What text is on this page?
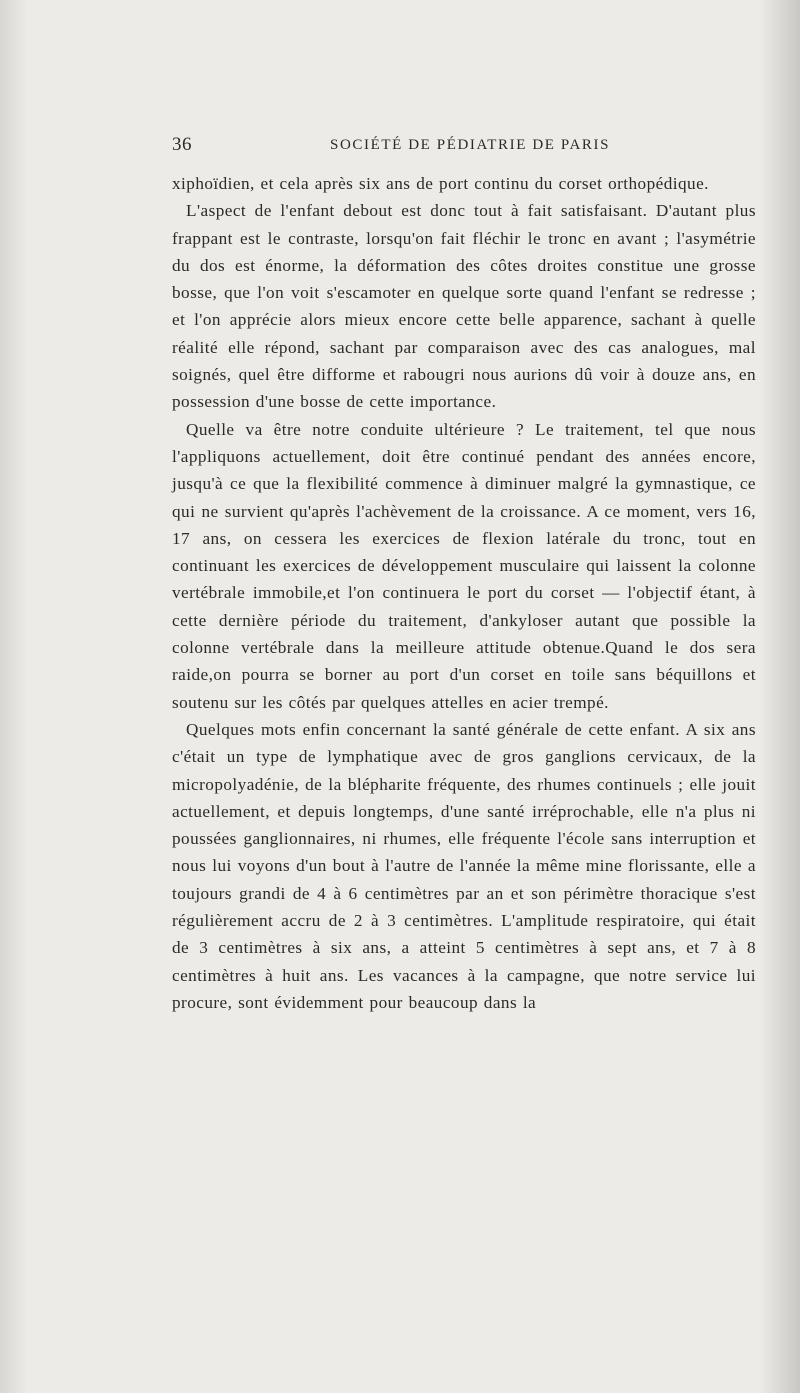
36	SOCIÉTÉ DE PÉDIATRIE DE PARIS

xiphoïdien, et cela après six ans de port continu du corset orthopédique.

L'aspect de l'enfant debout est donc tout à fait satisfaisant. D'autant plus frappant est le contraste, lorsqu'on fait fléchir le tronc en avant ; l'asymétrie du dos est énorme, la déformation des côtes droites constitue une grosse bosse, que l'on voit s'escamoter en quelque sorte quand l'enfant se redresse ; et l'on apprécie alors mieux encore cette belle apparence, sachant à quelle réalité elle répond, sachant par comparaison avec des cas analogues, mal soignés, quel être difforme et rabougri nous aurions dû voir à douze ans, en possession d'une bosse de cette importance.

Quelle va être notre conduite ultérieure ? Le traitement, tel que nous l'appliquons actuellement, doit être continué pendant des années encore, jusqu'à ce que la flexibilité commence à diminuer malgré la gymnastique, ce qui ne survient qu'après l'achèvement de la croissance. A ce moment, vers 16, 17 ans, on cessera les exercices de flexion latérale du tronc, tout en continuant les exercices de développement musculaire qui laissent la colonne vertébrale immobile,et l'on continuera le port du corset — l'objectif étant, à cette dernière période du traitement, d'ankyloser autant que possible la colonne vertébrale dans la meilleure attitude obtenue.Quand le dos sera raide,on pourra se borner au port d'un corset en toile sans béquillons et soutenu sur les côtés par quelques attelles en acier trempé.

Quelques mots enfin concernant la santé générale de cette enfant. A six ans c'était un type de lymphatique avec de gros ganglions cervicaux, de la micropolyadénie, de la blépharite fréquente, des rhumes continuels ; elle jouit actuellement, et depuis longtemps, d'une santé irréprochable, elle n'a plus ni poussées ganglionnaires, ni rhumes, elle fréquente l'école sans interruption et nous lui voyons d'un bout à l'autre de l'année la même mine florissante, elle a toujours grandi de 4 à 6 centimètres par an et son périmètre thoracique s'est régulièrement accru de 2 à 3 centimètres. L'amplitude respiratoire, qui était de 3 centimètres à six ans, a atteint 5 centimètres à sept ans, et 7 à 8 centimètres à huit ans. Les vacances à la campagne, que notre service lui procure, sont évidemment pour beaucoup dans la
